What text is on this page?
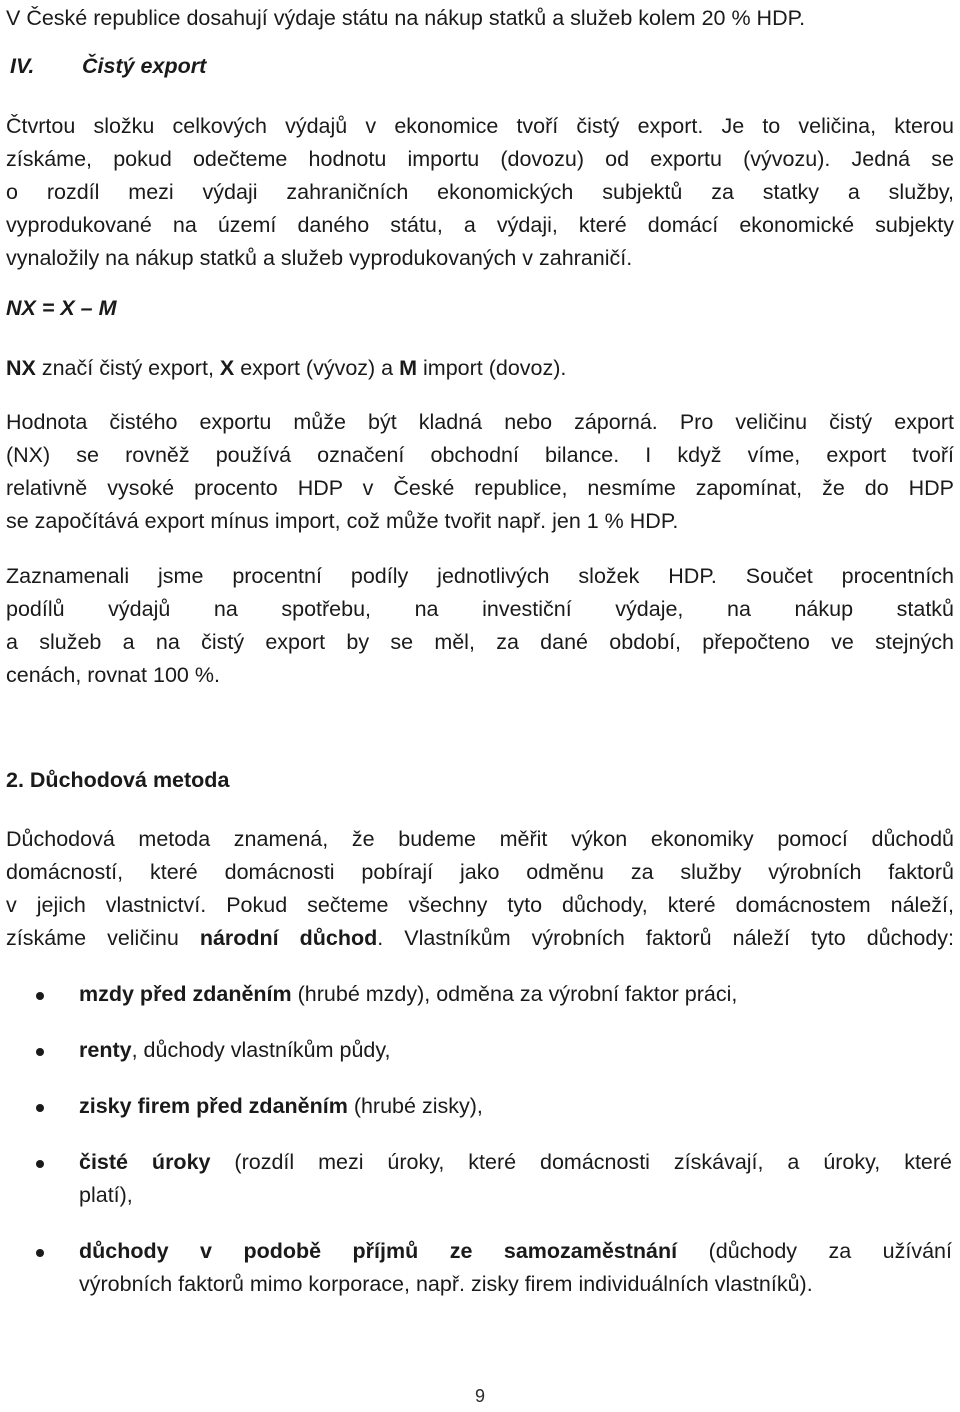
V České republice dosahují výdaje státu na nákup statků a služeb kolem 20 % HDP.
IV. Čistý export
Čtvrtou složku celkových výdajů v ekonomice tvoří čistý export. Je to veličina, kterou
získáme, pokud odečteme hodnotu importu (dovozu) od exportu (vývozu). Jedná se
o rozdíl mezi výdaji zahraničních ekonomických subjektů za statky a služby,
vyprodukované na území daného státu, a výdaji, které domácí ekonomické subjekty
vynaložily na nákup statků a služeb vyprodukovaných v zahraničí.
NX = X – M
NX značí čistý export, X export (vývoz) a M import (dovoz).
Hodnota čistého exportu může být kladná nebo záporná. Pro veličinu čistý export
(NX) se rovněž používá označení obchodní bilance. I když víme, export tvoří
relativně vysoké procento HDP v České republice, nesmíme zapomínat, že do HDP
se započítává export mínus import, což může tvořit např. jen 1 % HDP.
Zaznamenali jsme procentní podíly jednotlivých složek HDP. Součet procentních
podílů výdajů na spotřebu, na investiční výdaje, na nákup statků
a služeb a na čistý export by se měl, za dané období, přepočteno ve stejných
cenách, rovnat 100 %.
2. Důchodová metoda
Důchodová metoda znamená, že budeme měřit výkon ekonomiky pomocí důchodů
domácností, které domácnosti pobírají jako odměnu za služby výrobních faktorů
v jejich vlastnictví. Pokud sečteme všechny tyto důchody, které domácnostem náleží,
získáme veličinu národní důchod. Vlastníkům výrobních faktorů náleží tyto důchody:
mzdy před zdaněním (hrubé mzdy), odměna za výrobní faktor práci,
renty, důchody vlastníkům půdy,
zisky firem před zdaněním (hrubé zisky),
čisté úroky (rozdíl mezi úroky, které domácnosti získávají, a úroky, které
platí),
důchody v podobě příjmů ze samozaměstnání (důchody za užívání
výrobních faktorů mimo korporace, např. zisky firem individuálních vlastníků).
9
